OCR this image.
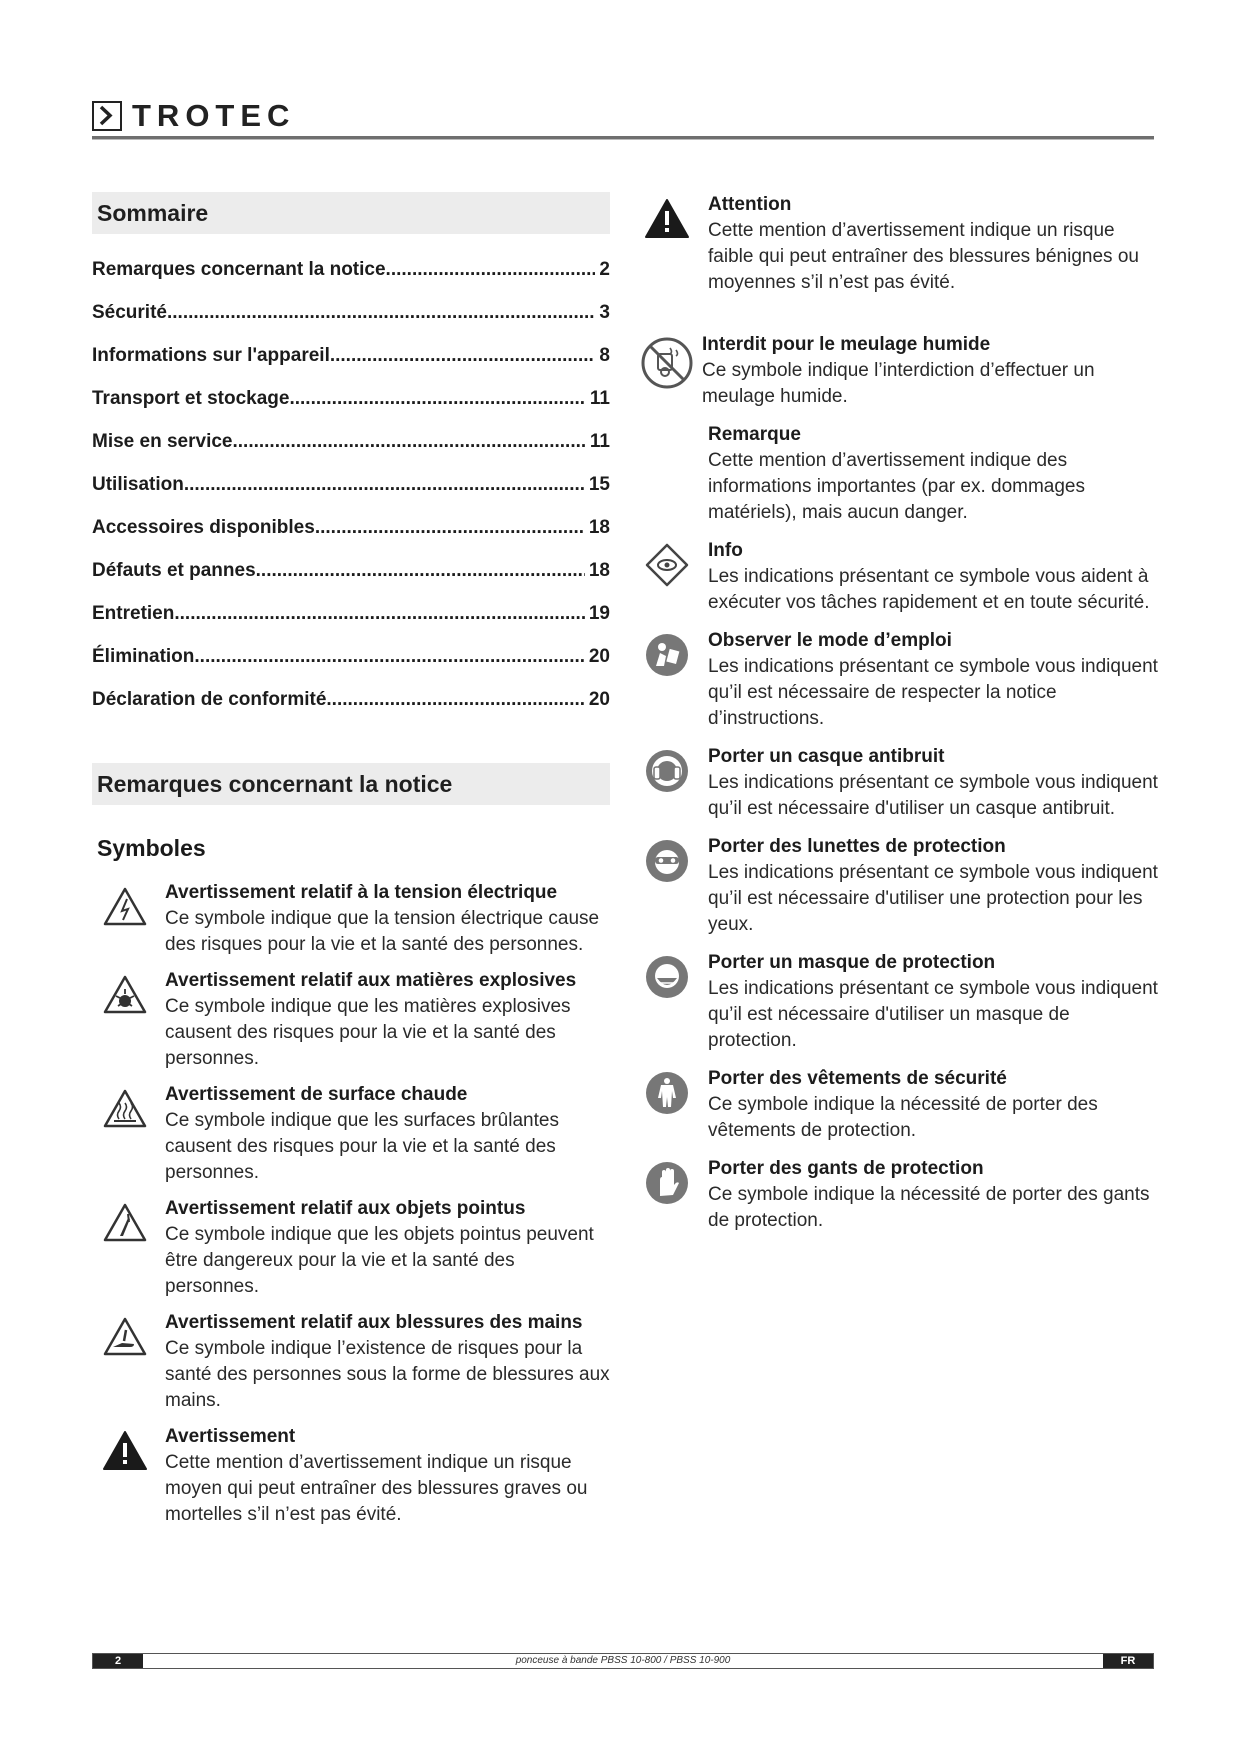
TROTEC
Sommaire
Remarques concernant la notice .....	2
Sécurité .....	3
Informations sur l'appareil .....	8
Transport et stockage .....	11
Mise en service .....	11
Utilisation .....	15
Accessoires disponibles .....	18
Défauts et pannes .....	18
Entretien .....	19
Élimination .....	20
Déclaration de conformité .....	20
Remarques concernant la notice
Symboles
Avertissement relatif à la tension électrique
Ce symbole indique que la tension électrique cause des risques pour la vie et la santé des personnes.
Avertissement relatif aux matières explosives
Ce symbole indique que les matières explosives causent des risques pour la vie et la santé des personnes.
Avertissement de surface chaude
Ce symbole indique que les surfaces brûlantes causent des risques pour la vie et la santé des personnes.
Avertissement relatif aux objets pointus
Ce symbole indique que les objets pointus peuvent être dangereux pour la vie et la santé des personnes.
Avertissement relatif aux blessures des mains
Ce symbole indique l’existence de risques pour la santé des personnes sous la forme de blessures aux mains.
Avertissement
Cette mention d’avertissement indique un risque moyen qui peut entraîner des blessures graves ou mortelles s’il n’est pas évité.
Attention
Cette mention d’avertissement indique un risque faible qui peut entraîner des blessures bénignes ou moyennes s’il n’est pas évité.
Interdit pour le meulage humide
Ce symbole indique l’interdiction d’effectuer un meulage humide.
Remarque
Cette mention d’avertissement indique des informations importantes (par ex. dommages matériels), mais aucun danger.
Info
Les indications présentant ce symbole vous aident à exécuter vos tâches rapidement et en toute sécurité.
Observer le mode d’emploi
Les indications présentant ce symbole vous indiquent qu’il est nécessaire de respecter la notice d’instructions.
Porter un casque antibruit
Les indications présentant ce symbole vous indiquent qu’il est nécessaire d'utiliser un casque antibruit.
Porter des lunettes de protection
Les indications présentant ce symbole vous indiquent qu’il est nécessaire d'utiliser une protection pour les yeux.
Porter un masque de protection
Les indications présentant ce symbole vous indiquent qu’il est nécessaire d'utiliser un masque de protection.
Porter des vêtements de sécurité
Ce symbole indique la nécessité de porter des vêtements de protection.
Porter des gants de protection
Ce symbole indique la nécessité de porter des gants de protection.
ponceuse à bande PBSS 10-800 / PBSS 10-900
2	FR
